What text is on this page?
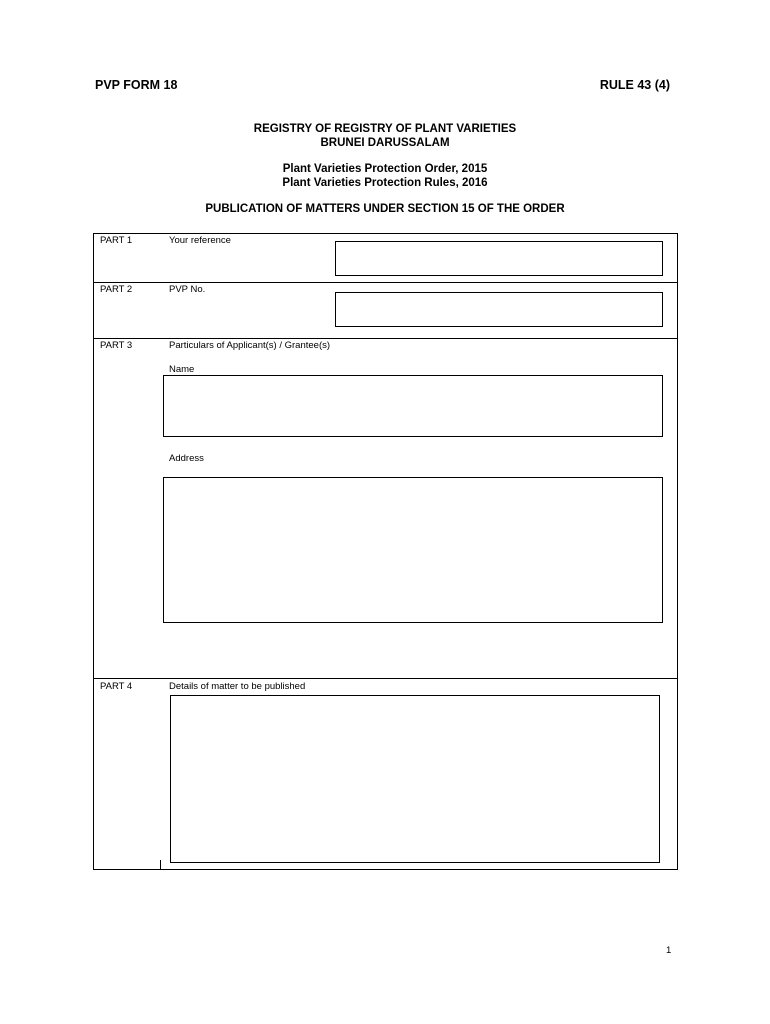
PVP FORM 18	RULE 43 (4)
REGISTRY OF REGISTRY OF PLANT VARIETIES
BRUNEI DARUSSALAM
Plant Varieties Protection Order, 2015
Plant Varieties Protection Rules, 2016
PUBLICATION OF MATTERS UNDER SECTION 15 OF THE ORDER
PART 1	Your reference
PART 2	PVP No.
PART 3	Particulars of Applicant(s) / Grantee(s)
Name
Address
PART 4	Details of matter to be published
1
